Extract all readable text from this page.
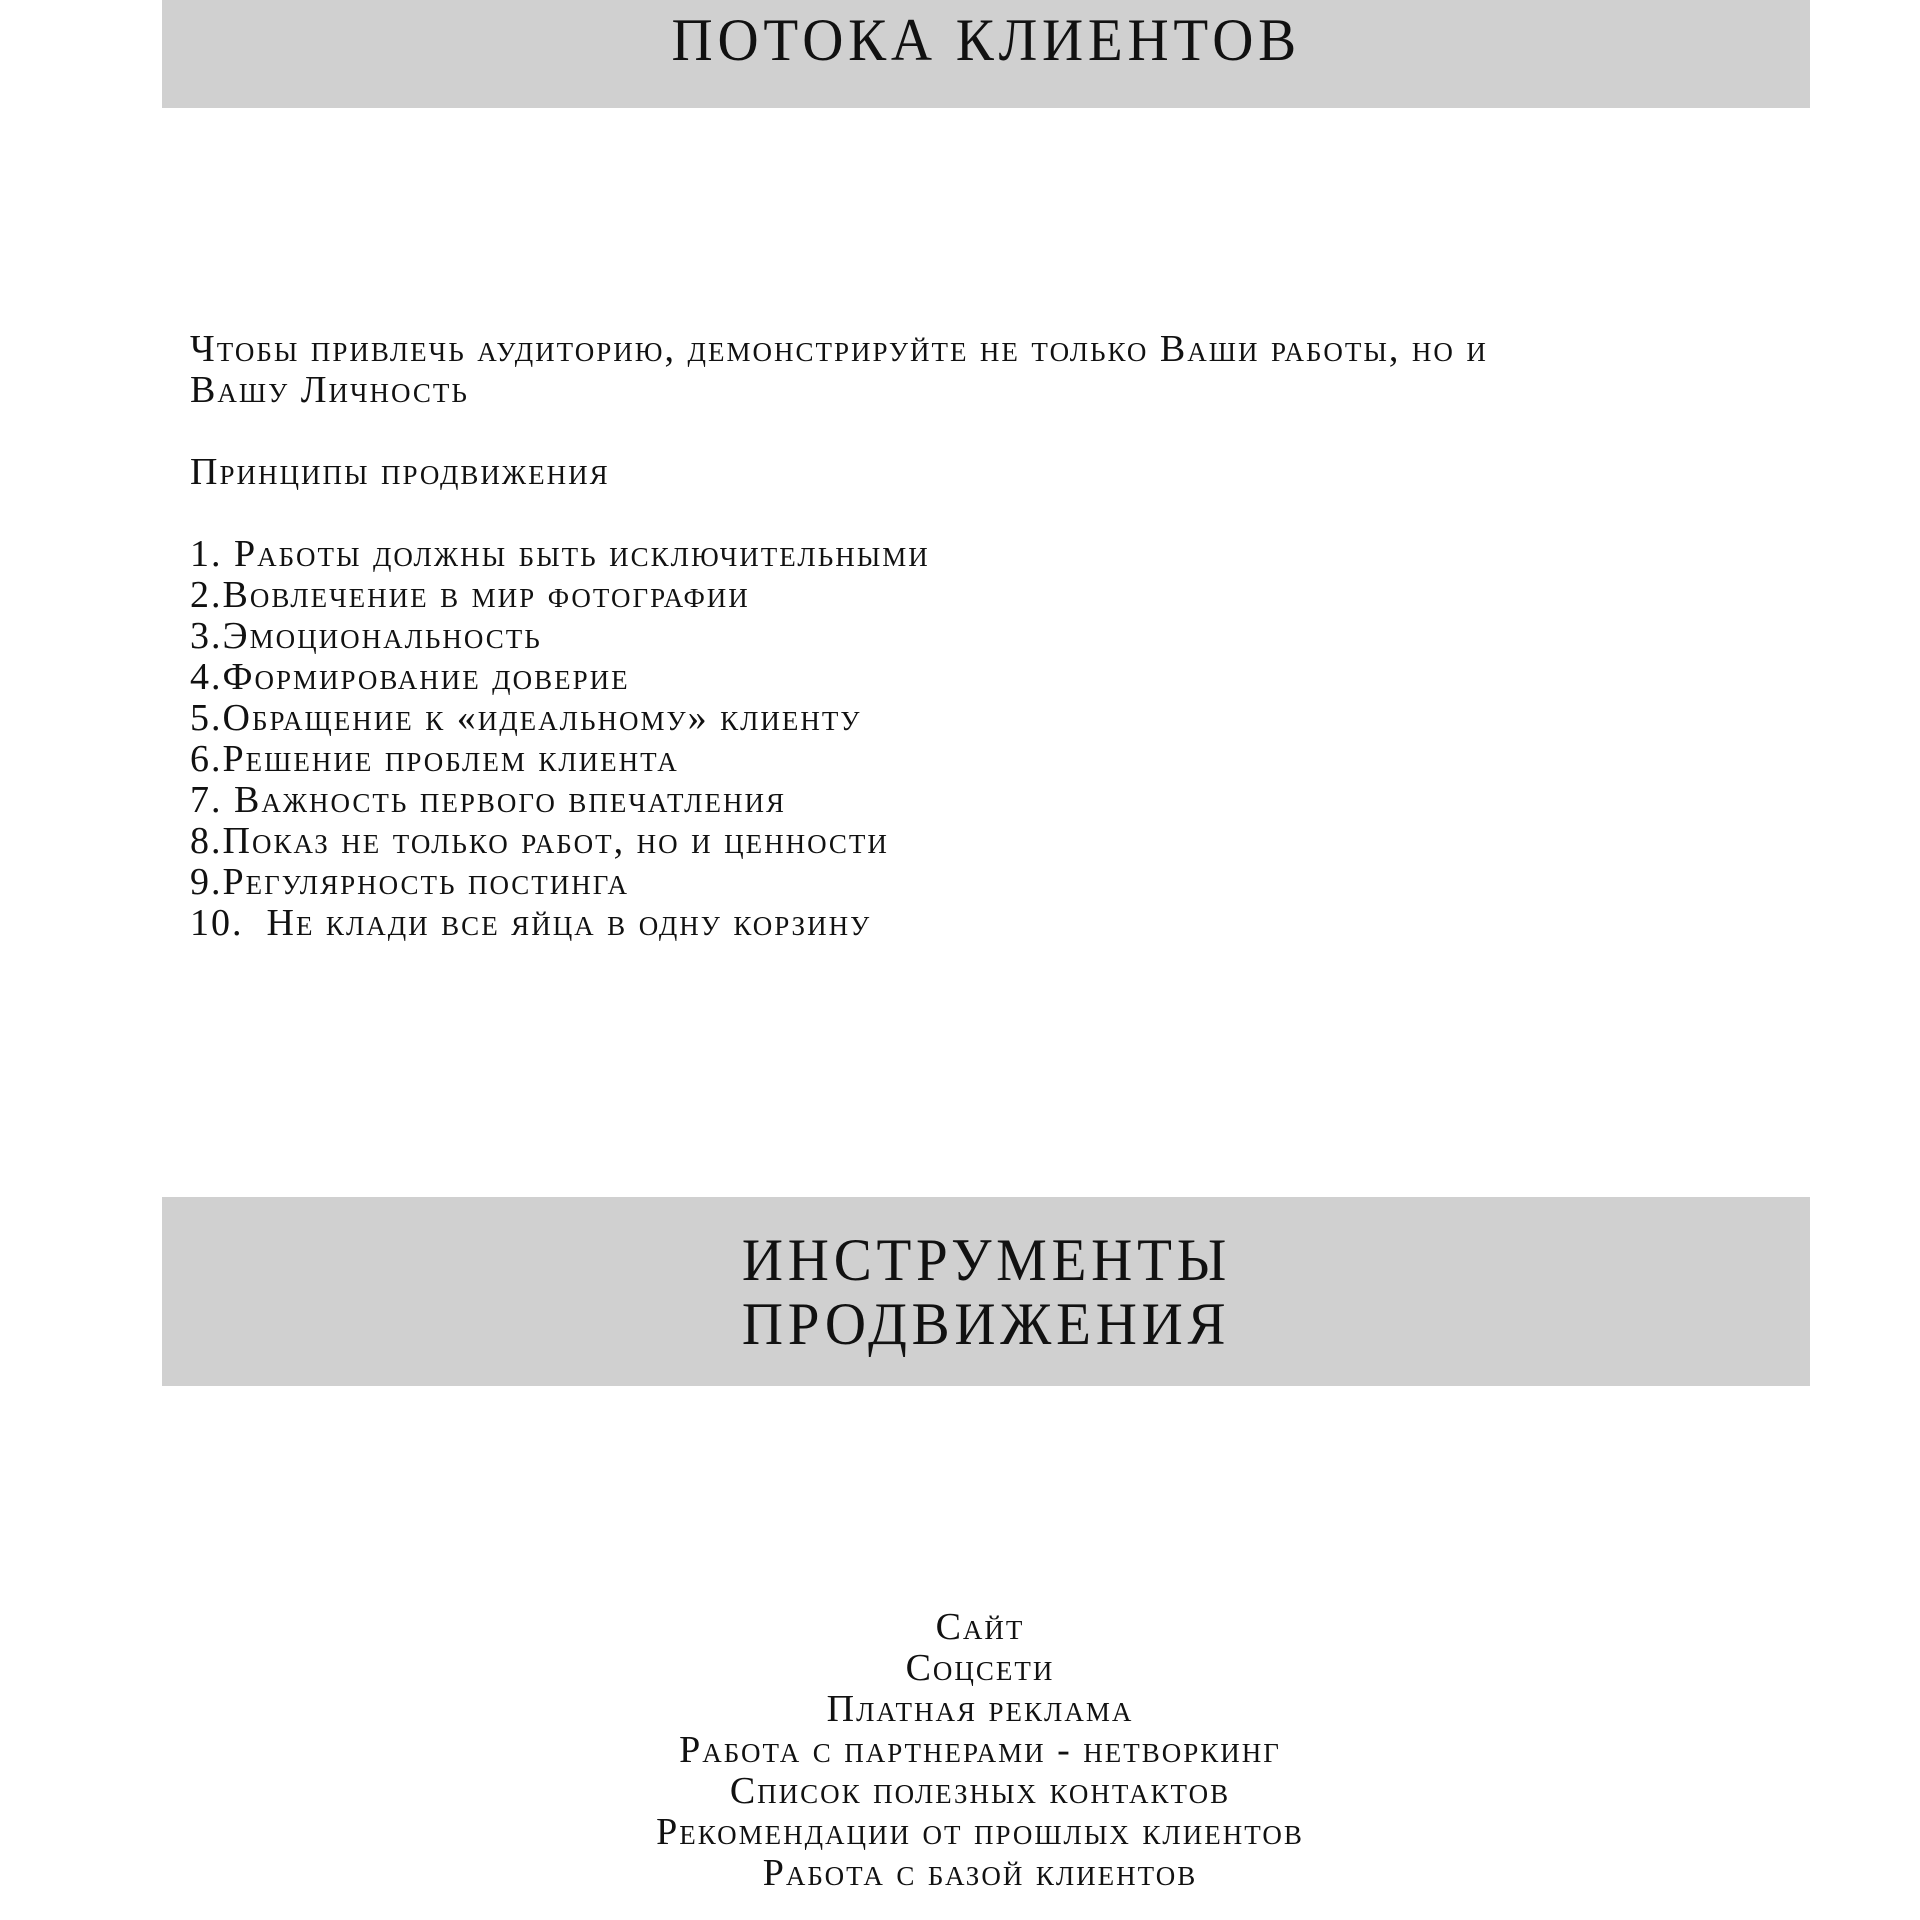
ПОТОКА КЛИЕНТОВ

Чтобы привлечь аудиторию, демонстрируйте не только Ваши работы, но и

Вашу Личность

Принципы продвижения
1. Работы должны быть исключительными
2.Вовлечение в мир фотографии
3.Эмоциональность
4.Формирование доверие
5.Обращение к «идеальному» клиенту
6.Решение проблем клиента
7. Важность первого впечатления
8.Показ не только работ, но и ценности
9.Регулярность постинга
10.  Не клади все яйца в одну корзину
ИНСТРУМЕНТЫ
ПРОДВИЖЕНИЯ
Сайт
Соцсети
Платная реклама
Работа с партнерами - нетворкинг
Список полезных контактов
Рекомендации от прошлых клиентов
Работа с базой клиентов
